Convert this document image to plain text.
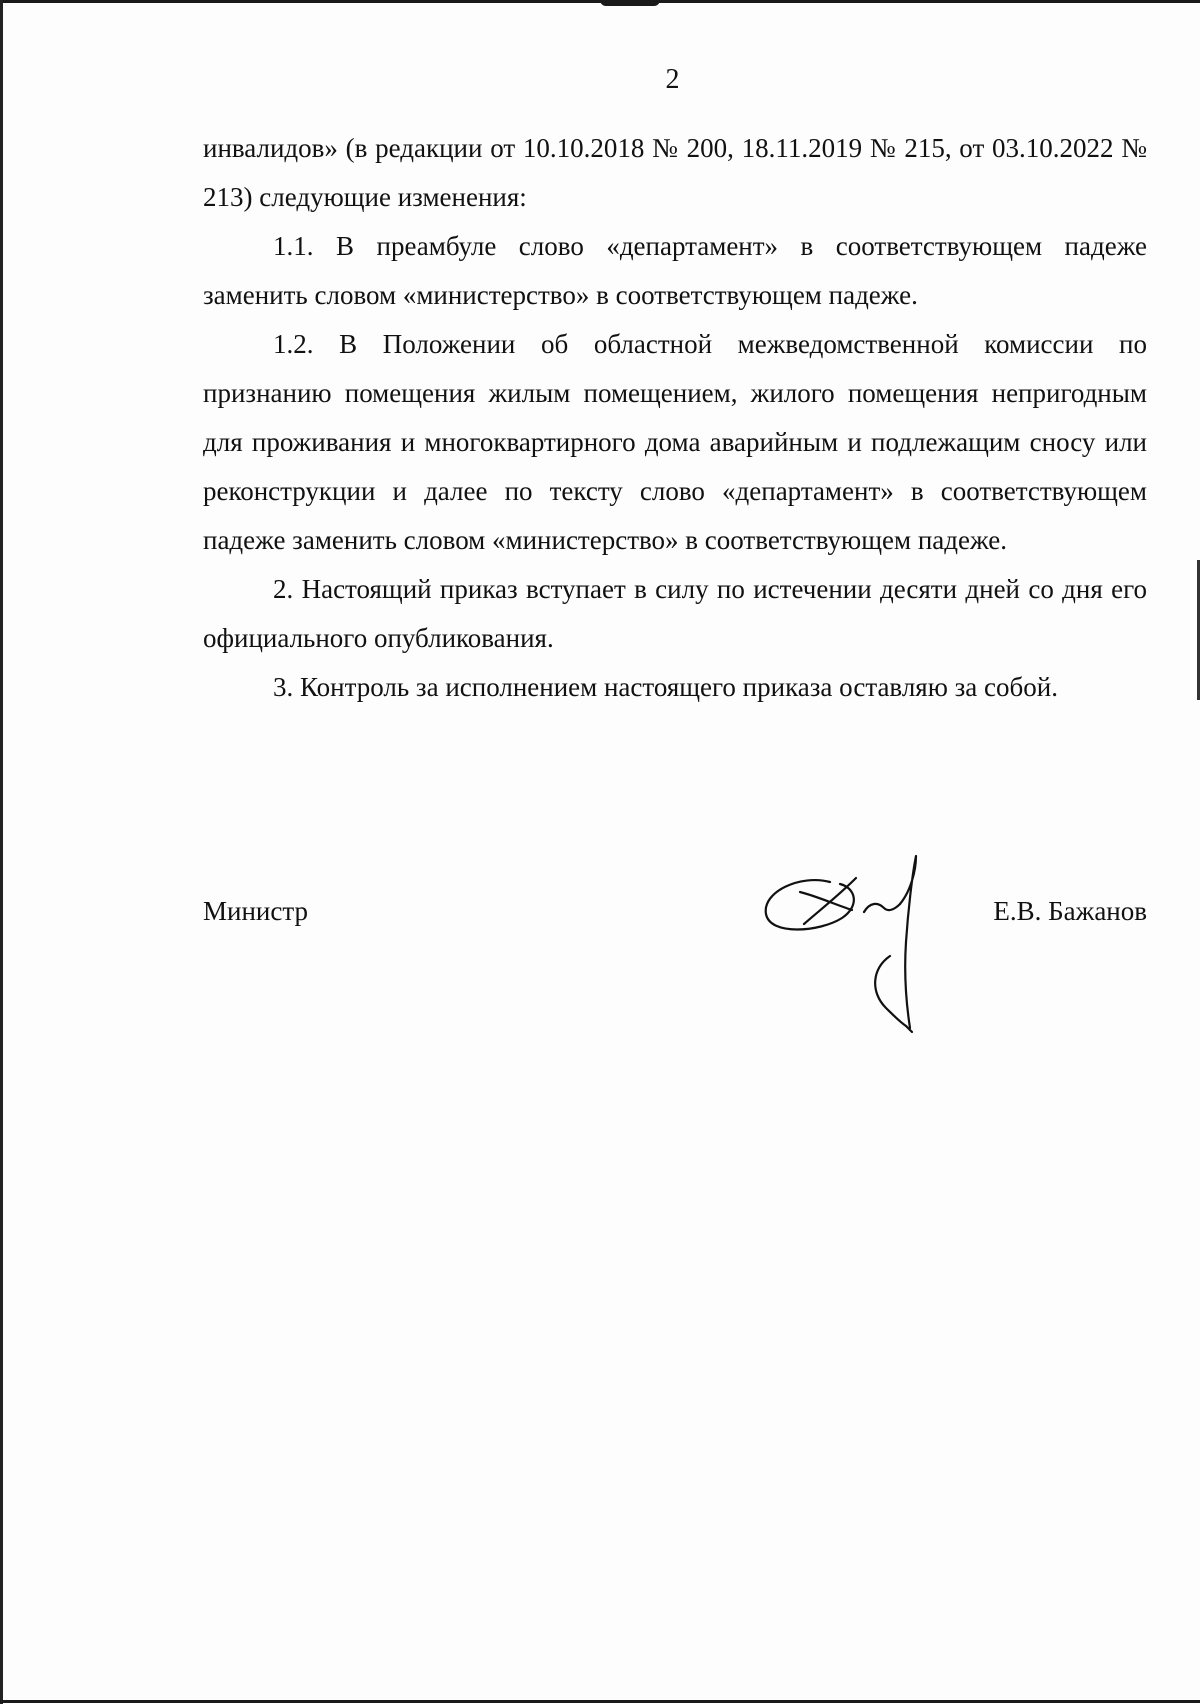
2

инвалидов» (в редакции от 10.10.2018 № 200, 18.11.2019 № 215, от 03.10.2022 № 213) следующие изменения:

1.1. В преамбуле слово «департамент» в соответствующем падеже заменить словом «министерство» в соответствующем падеже.

1.2. В Положении об областной межведомственной комиссии по признанию помещения жилым помещением, жилого помещения непригодным для проживания и многоквартирного дома аварийным и подлежащим сносу или реконструкции и далее по тексту слово «департамент» в соответствующем падеже заменить словом «министерство» в соответствующем падеже.

2. Настоящий приказ вступает в силу по истечении десяти дней со дня его официального опубликования.

3. Контроль за исполнением настоящего приказа оставляю за собой.

Министр	Е.В. Бажанов
